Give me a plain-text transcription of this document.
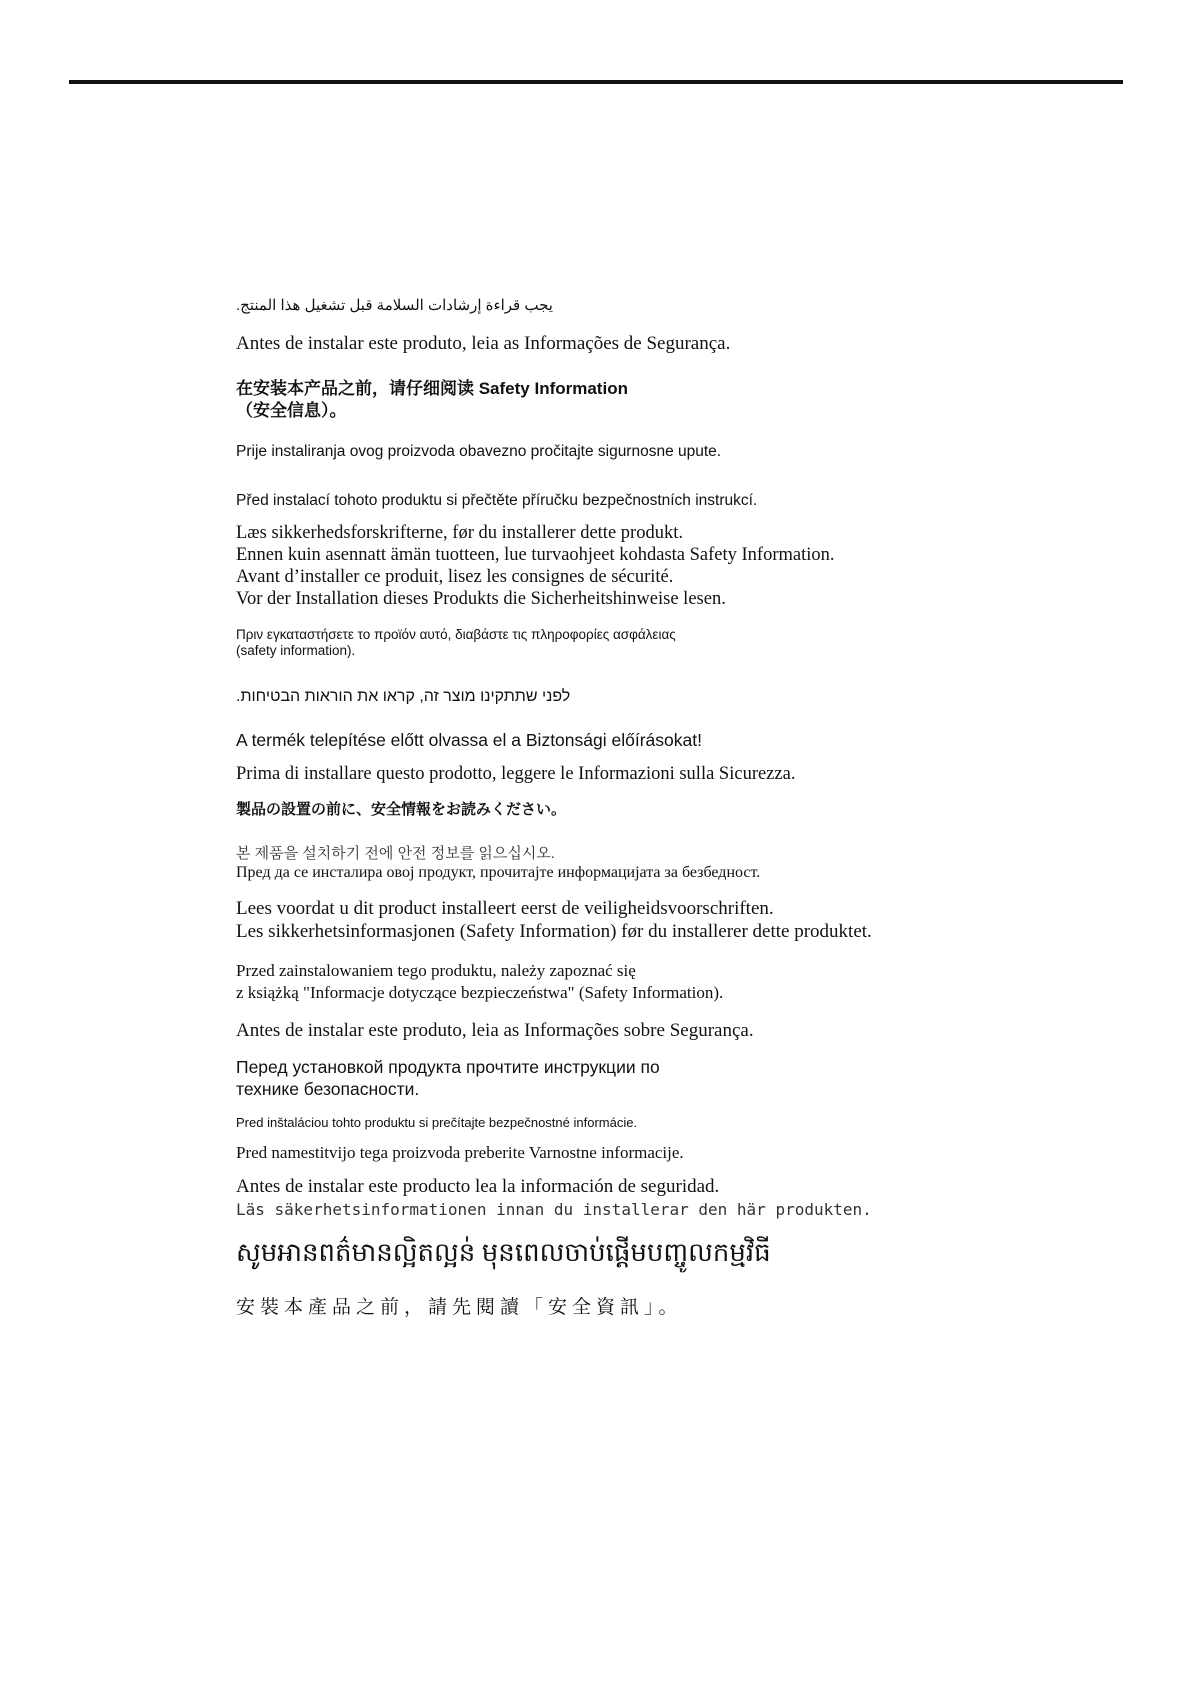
يجب قراءة إرشادات السلامة قبل تشغيل هذا المنتج.

Antes de instalar este produto, leia as Informações de Segurança.

在安装本产品之前，请仔细阅读 Safety Information

（安全信息）。

Prije instaliranja ovog proizvoda obavezno pročitajte sigurnosne upute.

Před instalací tohoto produktu si přečtěte příručku bezpečnostních instrukcí.

Læs sikkerhedsforskrifterne, før du installerer dette produkt.

Ennen kuin asennatt ämän tuotteen, lue turvaohjeet kohdasta Safety Information.

Avant d’installer ce produit, lisez les consignes de sécurité.

Vor der Installation dieses Produkts die Sicherheitshinweise lesen.

Πριν εγκαταστήσετε το προϊόν αυτό, διαβάστε τις πληροφορίες ασφάλειας

(safety information).

לפני שתתקינו מוצר זה, קראו את הוראות הבטיחות.

A termék telepítése előtt olvassa el a Biztonsági előírásokat!

Prima di installare questo prodotto, leggere le Informazioni sulla Sicurezza.

製品の設置の前に、安全情報をお読みください。

본 제품을 설치하기 전에 안전 정보를 읽으십시오.

Пред да се инсталира овој продукт, прочитајте информацијата за безбедност.

Lees voordat u dit product installeert eerst de veiligheidsvoorschriften.

Les sikkerhetsinformasjonen (Safety Information) før du installerer dette produktet.

Przed zainstalowaniem tego produktu, należy zapoznać się

z książką "Informacje dotyczące bezpieczeństwa" (Safety Information).

Antes de instalar este produto, leia as Informações sobre Segurança.

Перед установкой продукта прочтите инструкции по

технике безопасности.

Pred inštaláciou tohto produktu si prečítajte bezpečnostné informácie.

Pred namestitvijo tega proizvoda preberite Varnostne informacije.

Antes de instalar este producto lea la información de seguridad.

Läs säkerhetsinformationen innan du installerar den här produkten.

សូមអានពត៌មានល្អិតល្អន់ មុនពេលចាប់ផ្តើមបញ្ចូលកម្មវិធី

安裝本產品之前，請先閱讀「安全資訊」。
